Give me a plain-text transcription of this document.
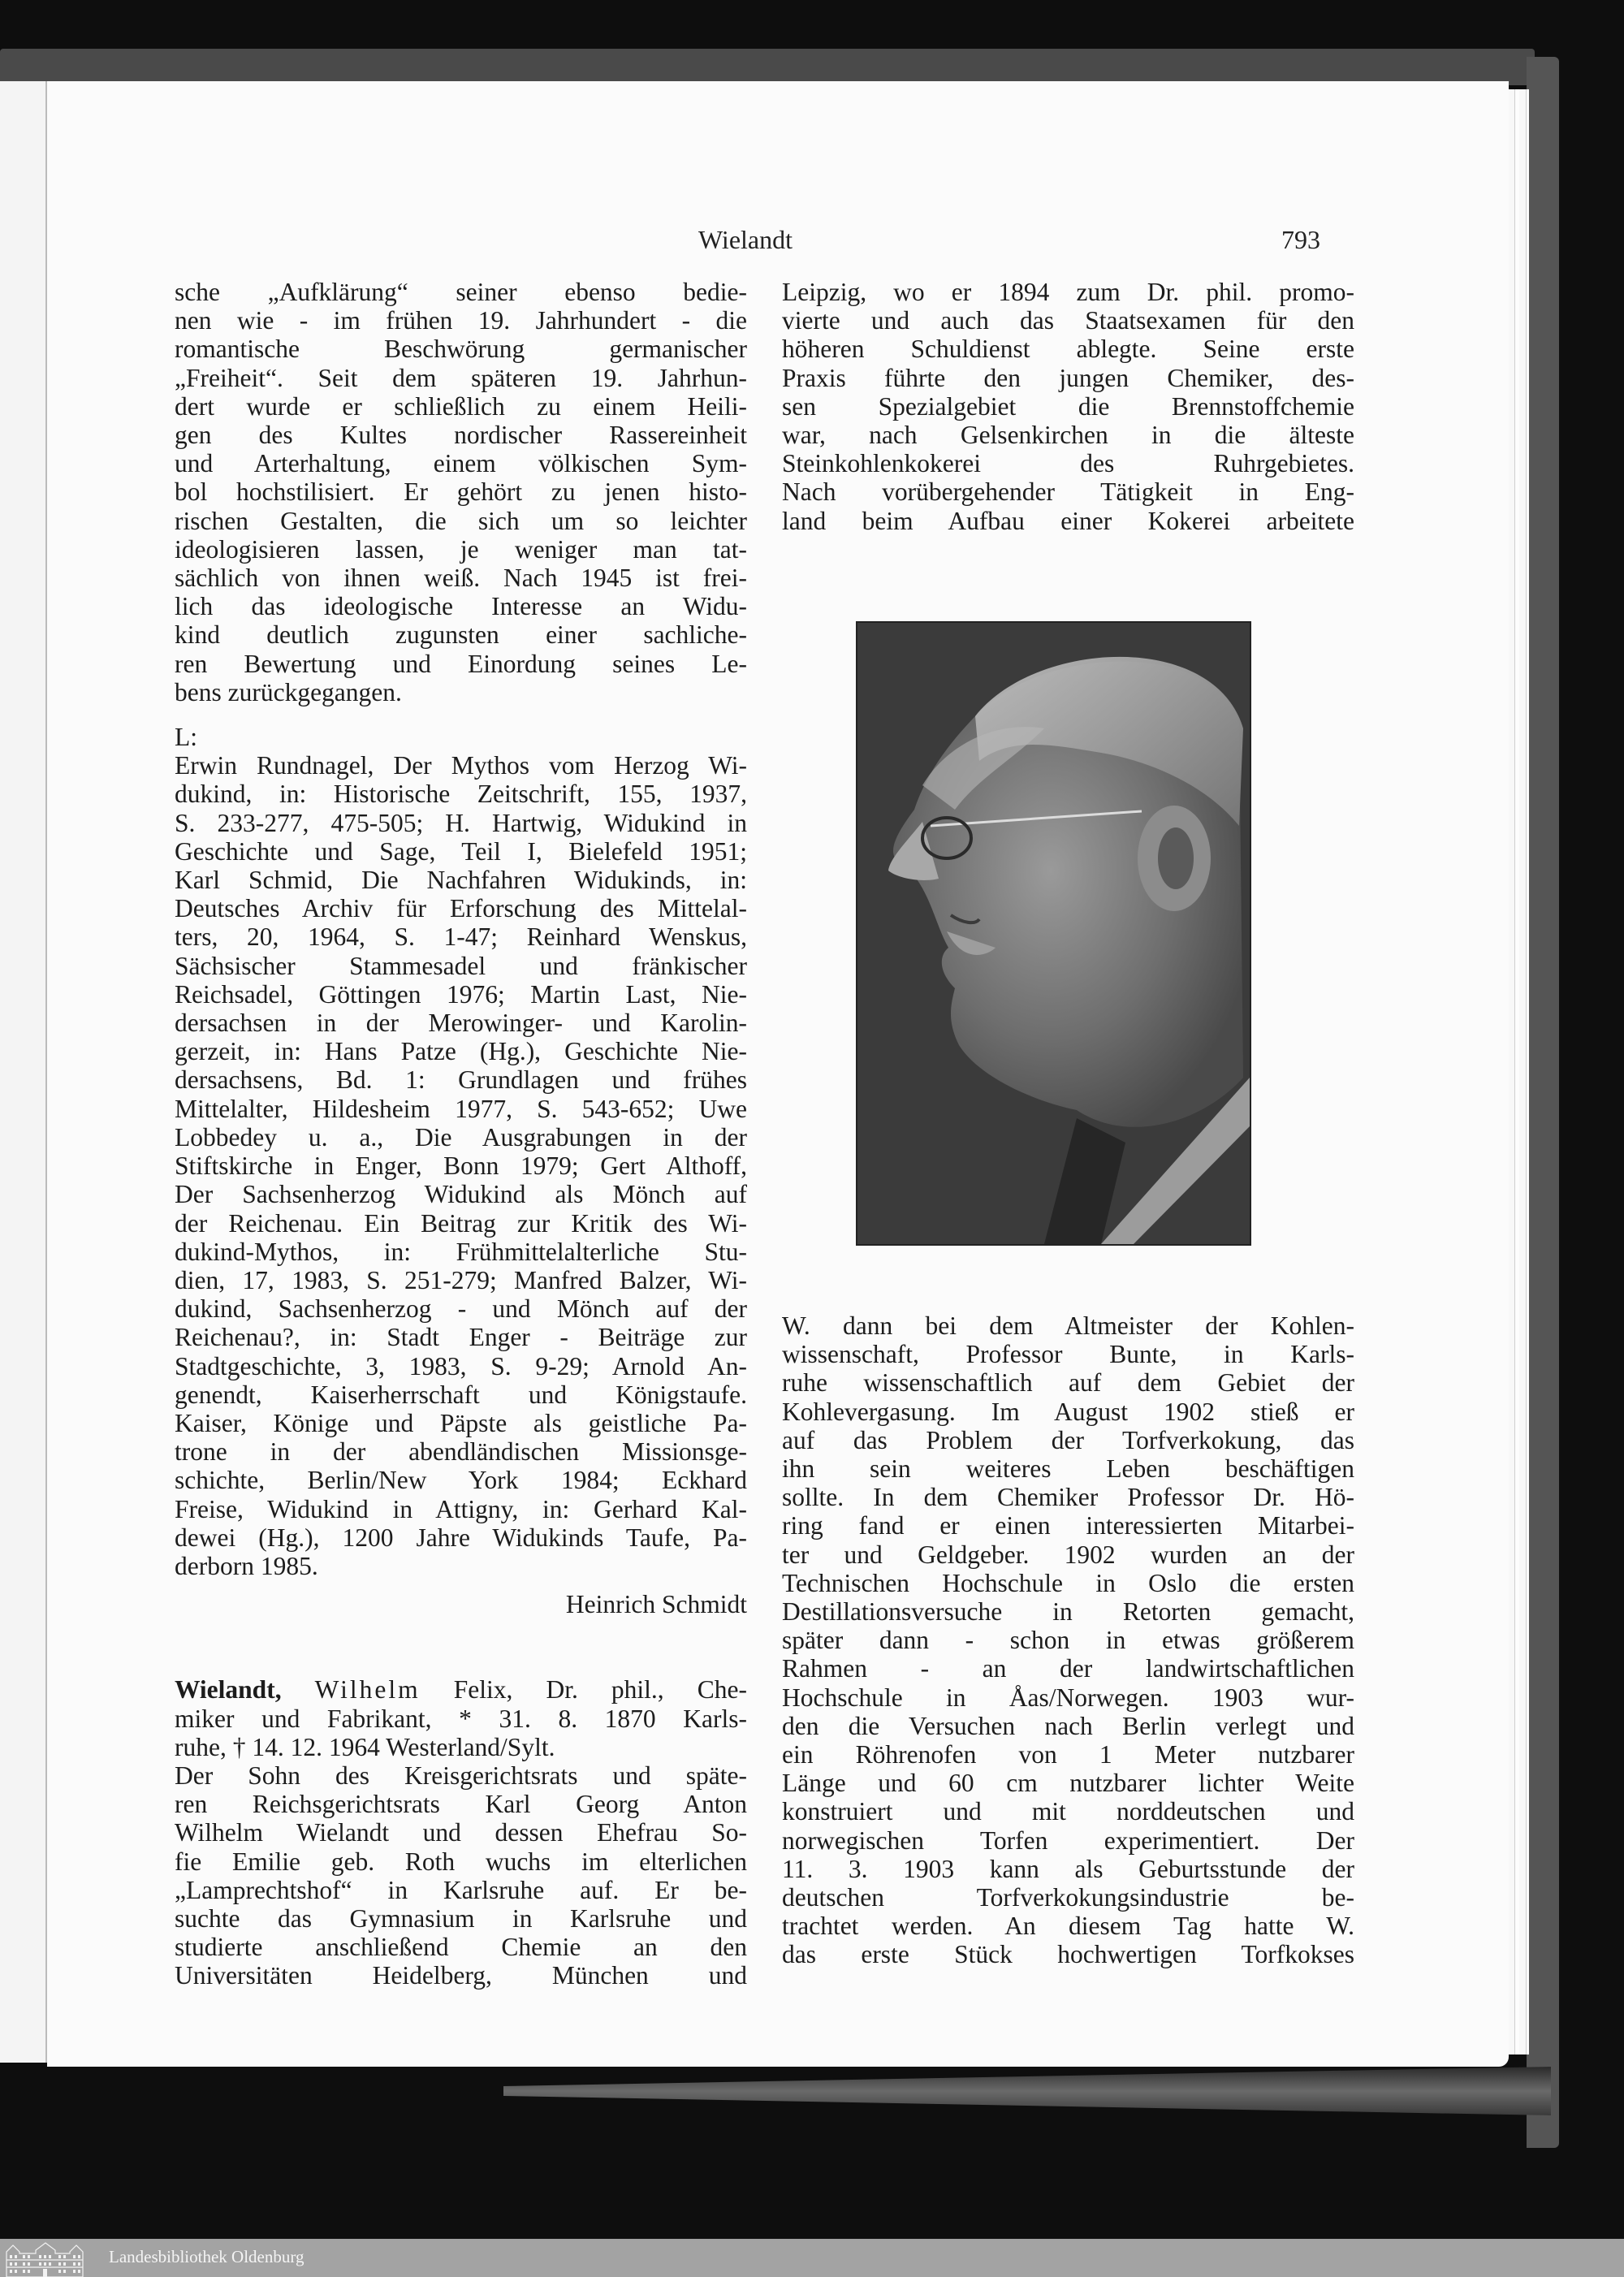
Wielandt	793

sche „Aufklärung“ seiner ebenso bedie-
nen wie - im frühen 19. Jahrhundert - die
romantische Beschwörung germanischer
„Freiheit“. Seit dem späteren 19. Jahrhun-
dert wurde er schließlich zu einem Heili-
gen des Kultes nordischer Rassereinheit
und Arterhaltung, einem völkischen Sym-
bol hochstilisiert. Er gehört zu jenen histo-
rischen Gestalten, die sich um so leichter
ideologisieren lassen, je weniger man tat-
sächlich von ihnen weiß. Nach 1945 ist frei-
lich das ideologische Interesse an Widu-
kind deutlich zugunsten einer sachliche-
ren Bewertung und Einordung seines Le-
bens zurückgegangen.

L:

Erwin Rundnagel, Der Mythos vom Herzog Wi-
dukind, in: Historische Zeitschrift, 155, 1937,
S. 233-277, 475-505; H. Hartwig, Widukind in
Geschichte und Sage, Teil I, Bielefeld 1951;
Karl Schmid, Die Nachfahren Widukinds, in:
Deutsches Archiv für Erforschung des Mittelal-
ters, 20, 1964, S. 1-47; Reinhard Wenskus,
Sächsischer Stammesadel und fränkischer
Reichsadel, Göttingen 1976; Martin Last, Nie-
dersachsen in der Merowinger- und Karolin-
gerzeit, in: Hans Patze (Hg.), Geschichte Nie-
dersachsens, Bd. 1: Grundlagen und frühes
Mittelalter, Hildesheim 1977, S. 543-652; Uwe
Lobbedey u. a., Die Ausgrabungen in der
Stiftskirche in Enger, Bonn 1979; Gert Althoff,
Der Sachsenherzog Widukind als Mönch auf
der Reichenau. Ein Beitrag zur Kritik des Wi-
dukind-Mythos, in: Frühmittelalterliche Stu-
dien, 17, 1983, S. 251-279; Manfred Balzer, Wi-
dukind, Sachsenherzog - und Mönch auf der
Reichenau?, in: Stadt Enger - Beiträge zur
Stadtgeschichte, 3, 1983, S. 9-29; Arnold An-
genendt, Kaiserherrschaft und Königstaufe.
Kaiser, Könige und Päpste als geistliche Pa-
trone in der abendländischen Missionsge-
schichte, Berlin/New York 1984; Eckhard
Freise, Widukind in Attigny, in: Gerhard Kal-
dewei (Hg.), 1200 Jahre Widukinds Taufe, Pa-
derborn 1985.

Heinrich Schmidt

Wielandt, Wilhelm Felix, Dr. phil., Che-
miker und Fabrikant, * 31. 8. 1870 Karls-
ruhe, † 14. 12. 1964 Westerland/Sylt.
Der Sohn des Kreisgerichtsrats und späte-
ren Reichsgerichtsrats Karl Georg Anton
Wilhelm Wielandt und dessen Ehefrau So-
fie Emilie geb. Roth wuchs im elterlichen
„Lamprechtshof“ in Karlsruhe auf. Er be-
suchte das Gymnasium in Karlsruhe und
studierte anschließend Chemie an den
Universitäten Heidelberg, München und

Leipzig, wo er 1894 zum Dr. phil. promo-
vierte und auch das Staatsexamen für den
höheren Schuldienst ablegte. Seine erste
Praxis führte den jungen Chemiker, des-
sen Spezialgebiet die Brennstoffchemie
war, nach Gelsenkirchen in die älteste
Steinkohlenkokerei des Ruhrgebietes.
Nach vorübergehender Tätigkeit in Eng-
land beim Aufbau einer Kokerei arbeitete

W. dann bei dem Altmeister der Kohlen-
wissenschaft, Professor Bunte, in Karls-
ruhe wissenschaftlich auf dem Gebiet der
Kohlevergasung. Im August 1902 stieß er
auf das Problem der Torfverkokung, das
ihn sein weiteres Leben beschäftigen
sollte. In dem Chemiker Professor Dr. Hö-
ring fand er einen interessierten Mitarbei-
ter und Geldgeber. 1902 wurden an der
Technischen Hochschule in Oslo die ersten
Destillationsversuche in Retorten gemacht,
später dann - schon in etwas größerem
Rahmen - an der landwirtschaftlichen
Hochschule in Åas/Norwegen. 1903 wur-
den die Versuchen nach Berlin verlegt und
ein Röhrenofen von 1 Meter nutzbarer
Länge und 60 cm nutzbarer lichter Weite
konstruiert und mit norddeutschen und
norwegischen Torfen experimentiert. Der
11. 3. 1903 kann als Geburtsstunde der
deutschen Torfverkokungsindustrie be-
trachtet werden. An diesem Tag hatte W.
das erste Stück hochwertigen Torfkokses

Landesbibliothek Oldenburg
